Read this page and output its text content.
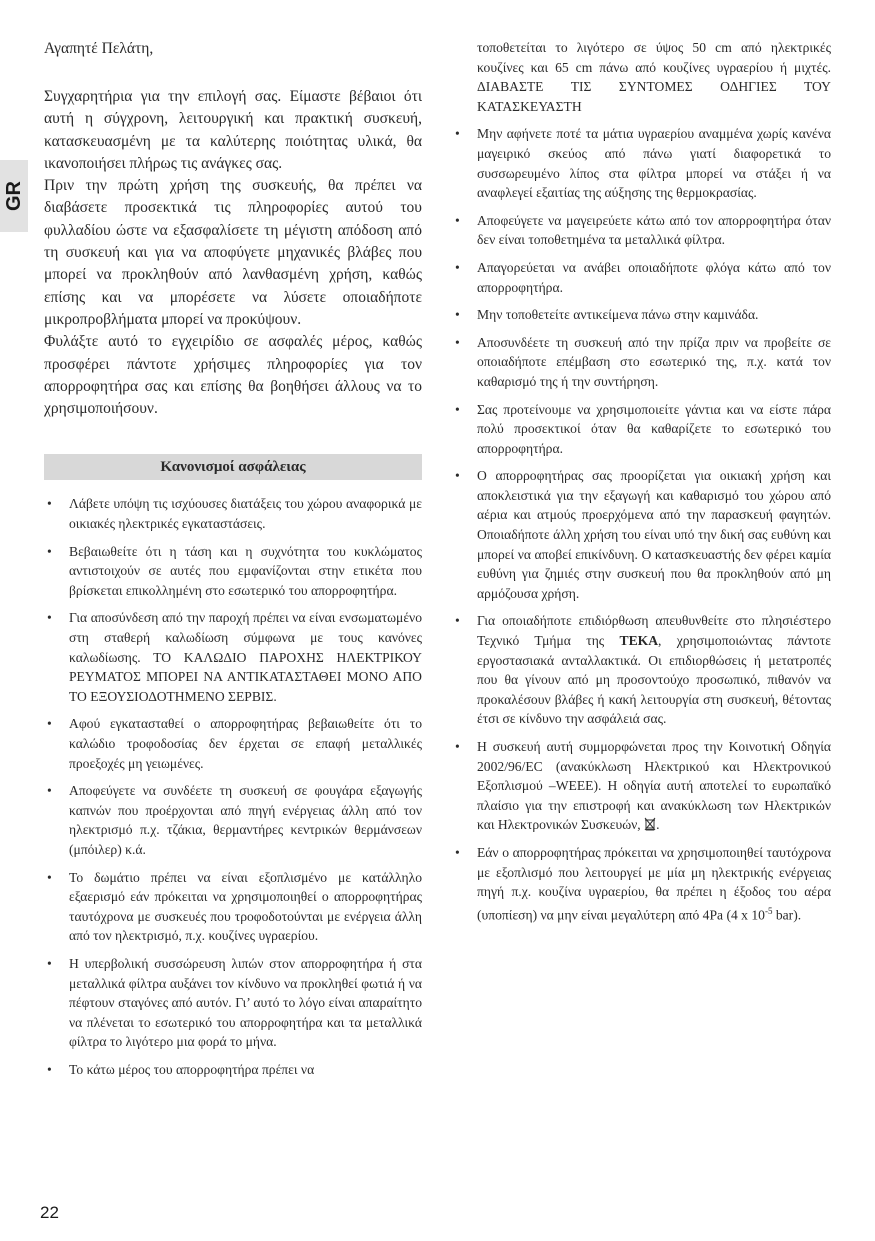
GR

Αγαπητέ Πελάτη,

Συγχαρητήρια για την επιλογή σας. Είμαστε βέβαιοι ότι αυτή η σύγχρονη, λειτουργική και πρακτική συσκευή, κατασκευασμένη με τα καλύτερης ποιότητας υλικά, θα ικανοποιήσει πλήρως τις ανάγκες σας.

Πριν την πρώτη χρήση της συσκευής, θα πρέπει να διαβάσετε προσεκτικά τις πληροφορίες αυτού του φυλλαδίου ώστε να εξασφαλίσετε τη μέγιστη απόδοση από τη συσκευή και για να αποφύγετε μηχανικές βλάβες που μπορεί να προκληθούν από λανθασμένη χρήση, καθώς επίσης και να μπορέσετε να λύσετε οποιαδήποτε μικροπροβλήματα μπορεί να προκύψουν.

Φυλάξτε αυτό το εγχειρίδιο σε ασφαλές μέρος, καθώς προσφέρει πάντοτε χρήσιμες πληροφορίες για τον απορροφητήρα σας και επίσης θα βοηθήσει άλλους να το χρησιμοποιήσουν.

Κανονισμοί ασφάλειας
• Λάβετε υπόψη τις ισχύουσες διατάξεις του χώρου αναφορικά με οικιακές ηλεκτρικές εγκαταστάσεις.
• Βεβαιωθείτε ότι η τάση και η συχνότητα του κυκλώματος αντιστοιχούν σε αυτές που εμφανίζονται στην ετικέτα που βρίσκεται επικολλημένη στο εσωτερικό του απορροφητήρα.
• Για αποσύνδεση από την παροχή πρέπει να είναι ενσωματωμένο στη σταθερή καλωδίωση σύμφωνα με τους κανόνες καλωδίωσης. ΤΟ ΚΑΛΩΔΙΟ ΠΑΡΟΧΗΣ ΗΛΕΚΤΡΙΚΟΥ ΡΕΥΜΑΤΟΣ ΜΠΟΡΕΙ ΝΑ ΑΝΤΙΚΑΤΑΣΤΑΘΕΙ ΜΟΝΟ ΑΠΟ ΤΟ ΕΞΟΥΣΙΟΔΟΤΗΜΕΝΟ ΣΕΡΒΙΣ.
• Αφού εγκατασταθεί ο απορροφητήρας βεβαιωθείτε ότι το καλώδιο τροφοδοσίας δεν έρχεται σε επαφή μεταλλικές προεξοχές μη γειωμένες.
• Αποφεύγετε να συνδέετε τη συσκευή σε φουγάρα εξαγωγής καπνών που προέρχονται από πηγή ενέργειας άλλη από τον ηλεκτρισμό π.χ. τζάκια, θερμαντήρες κεντρικών θερμάνσεων (μπόιλερ) κ.ά.
• Το δωμάτιο πρέπει να είναι εξοπλισμένο με κατάλληλο εξαερισμό εάν πρόκειται να χρησιμοποιηθεί ο απορροφητήρας ταυτόχρονα με συσκευές που τροφοδοτούνται με ενέργεια άλλη από τον ηλεκτρισμό, π.χ. κουζίνες υγραερίου.
• Η υπερβολική συσσώρευση λιπών στον απορροφητήρα ή στα μεταλλικά φίλτρα αυξάνει τον κίνδυνο να προκληθεί φωτιά ή να πέφτουν σταγόνες από αυτόν. Γι’ αυτό το λόγο είναι απαραίτητο να πλένεται το εσωτερικό του απορροφητήρα και τα μεταλλικά φίλτρα το λιγότερο μια φορά το μήνα.
• Το κάτω μέρος του απορροφητήρα πρέπει να

τοποθετείται το λιγότερο σε ύψος 50 cm από ηλεκτρικές κουζίνες και 65 cm πάνω από κουζίνες υγραερίου ή μιχτές. ΔΙΑΒΑΣΤΕ ΤΙΣ ΣΥΝΤΟΜΕΣ ΟΔΗΓΙΕΣ ΤΟΥ ΚΑΤΑΣΚΕΥΑΣΤΗ

• Μην αφήνετε ποτέ τα μάτια υγραερίου αναμμένα χωρίς κανένα μαγειρικό σκεύος από πάνω γιατί διαφορετικά το συσσωρευμένο λίπος στα φίλτρα μπορεί να στάξει ή να αναφλεγεί εξαιτίας της αύξησης της θερμοκρασίας.
• Αποφεύγετε να μαγειρεύετε κάτω από τον απορροφητήρα όταν δεν είναι τοποθετημένα τα μεταλλικά φίλτρα.
• Απαγορεύεται να ανάβει οποιαδήποτε φλόγα κάτω από τον απορροφητήρα.
• Μην τοποθετείτε αντικείμενα πάνω στην καμινάδα.
• Αποσυνδέετε τη συσκευή από την πρίζα πριν να προβείτε σε οποιαδήποτε επέμβαση στο εσωτερικό της, π.χ. κατά τον καθαρισμό της ή την συντήρηση.
• Σας προτείνουμε να χρησιμοποιείτε γάντια και να είστε πάρα πολύ προσεκτικοί όταν θα καθαρίζετε το εσωτερικό του απορροφητήρα.
• Ο απορροφητήρας σας προορίζεται για οικιακή χρήση και αποκλειστικά για την εξαγωγή και καθαρισμό του χώρου από αέρια και ατμούς προερχόμενα από την παρασκευή φαγητών. Οποιαδήποτε άλλη χρήση του είναι υπό την δική σας ευθύνη και μπορεί να αποβεί επικίνδυνη. Ο κατασκευαστής δεν φέρει καμία ευθύνη για ζημιές στην συσκευή που θα προκληθούν από μη αρμόζουσα χρήση.
• Για οποιαδήποτε επιδιόρθωση απευθυνθείτε στο πλησιέστερο Τεχνικό Τμήμα της TEKA, χρησιμοποιώντας πάντοτε εργοστασιακά ανταλλακτικά. Οι επιδιορθώσεις ή μετατροπές που θα γίνουν από μη προσοντούχο προσωπικό, πιθανόν να προκαλέσουν βλάβες ή κακή λειτουργία στη συσκευή, θέτοντας έτσι σε κίνδυνο την ασφάλειά σας.
• Η συσκευή αυτή συμμορφώνεται προς την Κοινοτική Οδηγία 2002/96/EC (ανακύκλωση Ηλεκτρικού και Ηλεκτρονικού Εξοπλισμού –WEEE). Η οδηγία αυτή αποτελεί το ευρωπαϊκό πλαίσιο για την επιστροφή και ανακύκλωση των Ηλεκτρικών και Ηλεκτρονικών Συσκευών, .
• Εάν ο απορροφητήρας πρόκειται να χρησιμοποιηθεί ταυτόχρονα με εξοπλισμό που λειτουργεί με μία μη ηλεκτρικής ενέργειας πηγή π.χ. κουζίνα υγραερίου, θα πρέπει η έξοδος του αέρα (υποπίεση) να μην είναι μεγαλύτερη από 4Pa (4 x $10^{-5}$ bar).
22
